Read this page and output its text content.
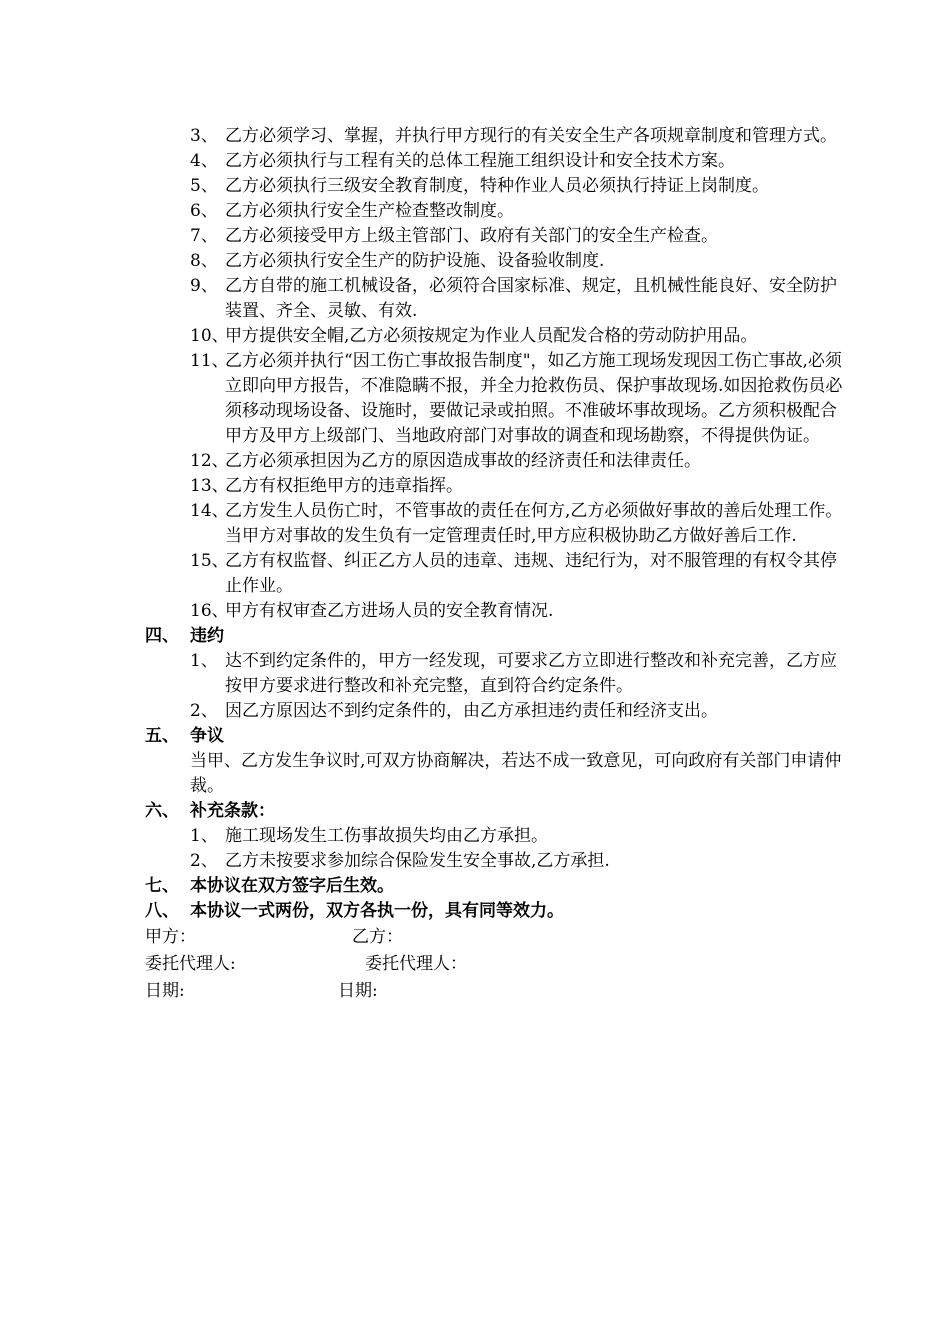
3、 乙方必须学习、掌握，并执行甲方现行的有关安全生产各项规章制度和管理方式。
4、 乙方必须执行与工程有关的总体工程施工组织设计和安全技术方案。
5、 乙方必须执行三级安全教育制度，特种作业人员必须执行持证上岗制度。
6、 乙方必须执行安全生产检查整改制度。
7、 乙方必须接受甲方上级主管部门、政府有关部门的安全生产检查。
8、 乙方必须执行安全生产的防护设施、设备验收制度.
9、 乙方自带的施工机械设备，必须符合国家标准、规定，且机械性能良好、安全防护装置、齐全、灵敏、有效.
10、
甲方提供安全帽,乙方必须按规定为作业人员配发合格的劳动防护用品。
11、
乙方必须并执行“因工伤亡事故报告制度"，如乙方施工现场发现因工伤亡事故,必须立即向甲方报告，不准隐瞒不报，并全力抢救伤员、保护事故现场.如因抢救伤员必须移动现场设备、设施时，要做记录或拍照。不准破坏事故现场。乙方须积极配合甲方及甲方上级部门、当地政府部门对事故的调查和现场勘察，不得提供伪证。
12、
乙方必须承担因为乙方的原因造成事故的经济责任和法律责任。
13、
乙方有权拒绝甲方的违章指挥。
14、
乙方发生人员伤亡时，不管事故的责任在何方,乙方必须做好事故的善后处理工作。当甲方对事故的发生负有一定管理责任时,甲方应积极协助乙方做好善后工作.
15、
乙方有权监督、纠正乙方人员的违章、违规、违纪行为，对不服管理的有权令其停止作业。
16、
甲方有权审查乙方进场人员的安全教育情况.
四、 违约
1、 达不到约定条件的，甲方一经发现，可要求乙方立即进行整改和补充完善，乙方应按甲方要求进行整改和补充完整，直到符合约定条件。
2、 因乙方原因达不到约定条件的，由乙方承担违约责任和经济支出。
五、 争议

当甲、乙方发生争议时,可双方协商解决，若达不成一致意见，可向政府有关部门申请仲裁。

六、 补充条款：
1、 施工现场发生工伤事故损失均由乙方承担。
2、 乙方未按要求参加综合保险发生安全事故,乙方承担.
七、 本协议在双方签字后生效。
八、 本协议一式两份，双方各执一份，具有同等效力。
甲方：	乙方：
委托代理人:	委托代理人：
日期:	日期:
